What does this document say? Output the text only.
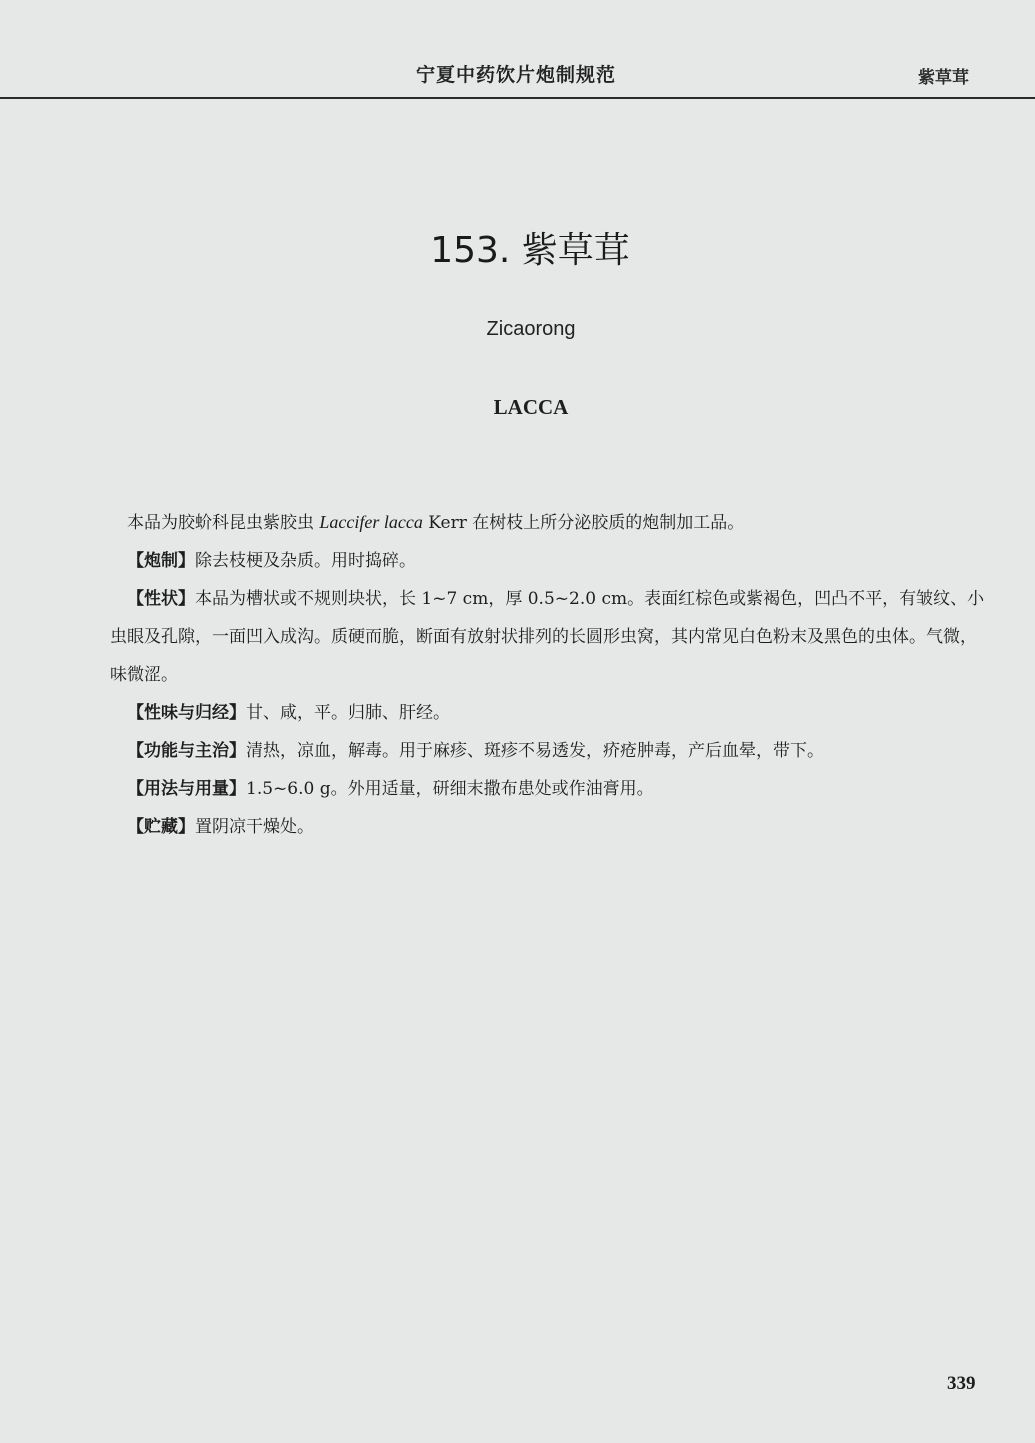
宁夏中药饮片炮制规范	紫草茸
153. 紫草茸
Zicaorong
LACCA

本品为胶蚧科昆虫紫胶虫 Laccifer lacca Kerr 在树枝上所分泌胶质的炮制加工品。

【炮制】除去枝梗及杂质。用时捣碎。

【性状】本品为槽状或不规则块状，长 1~7 cm，厚 0.5~2.0 cm。表面红棕色或紫褐色，凹凸不平，有皱纹、小虫眼及孔隙，一面凹入成沟。质硬而脆，断面有放射状排列的长圆形虫窝，其内常见白色粉末及黑色的虫体。气微，味微涩。

【性味与归经】甘、咸，平。归肺、肝经。

【功能与主治】清热，凉血，解毒。用于麻疹、斑疹不易透发，疥疮肿毒，产后血晕，带下。

【用法与用量】1.5~6.0 g。外用适量，研细末撒布患处或作油膏用。

【贮藏】置阴凉干燥处。

339
